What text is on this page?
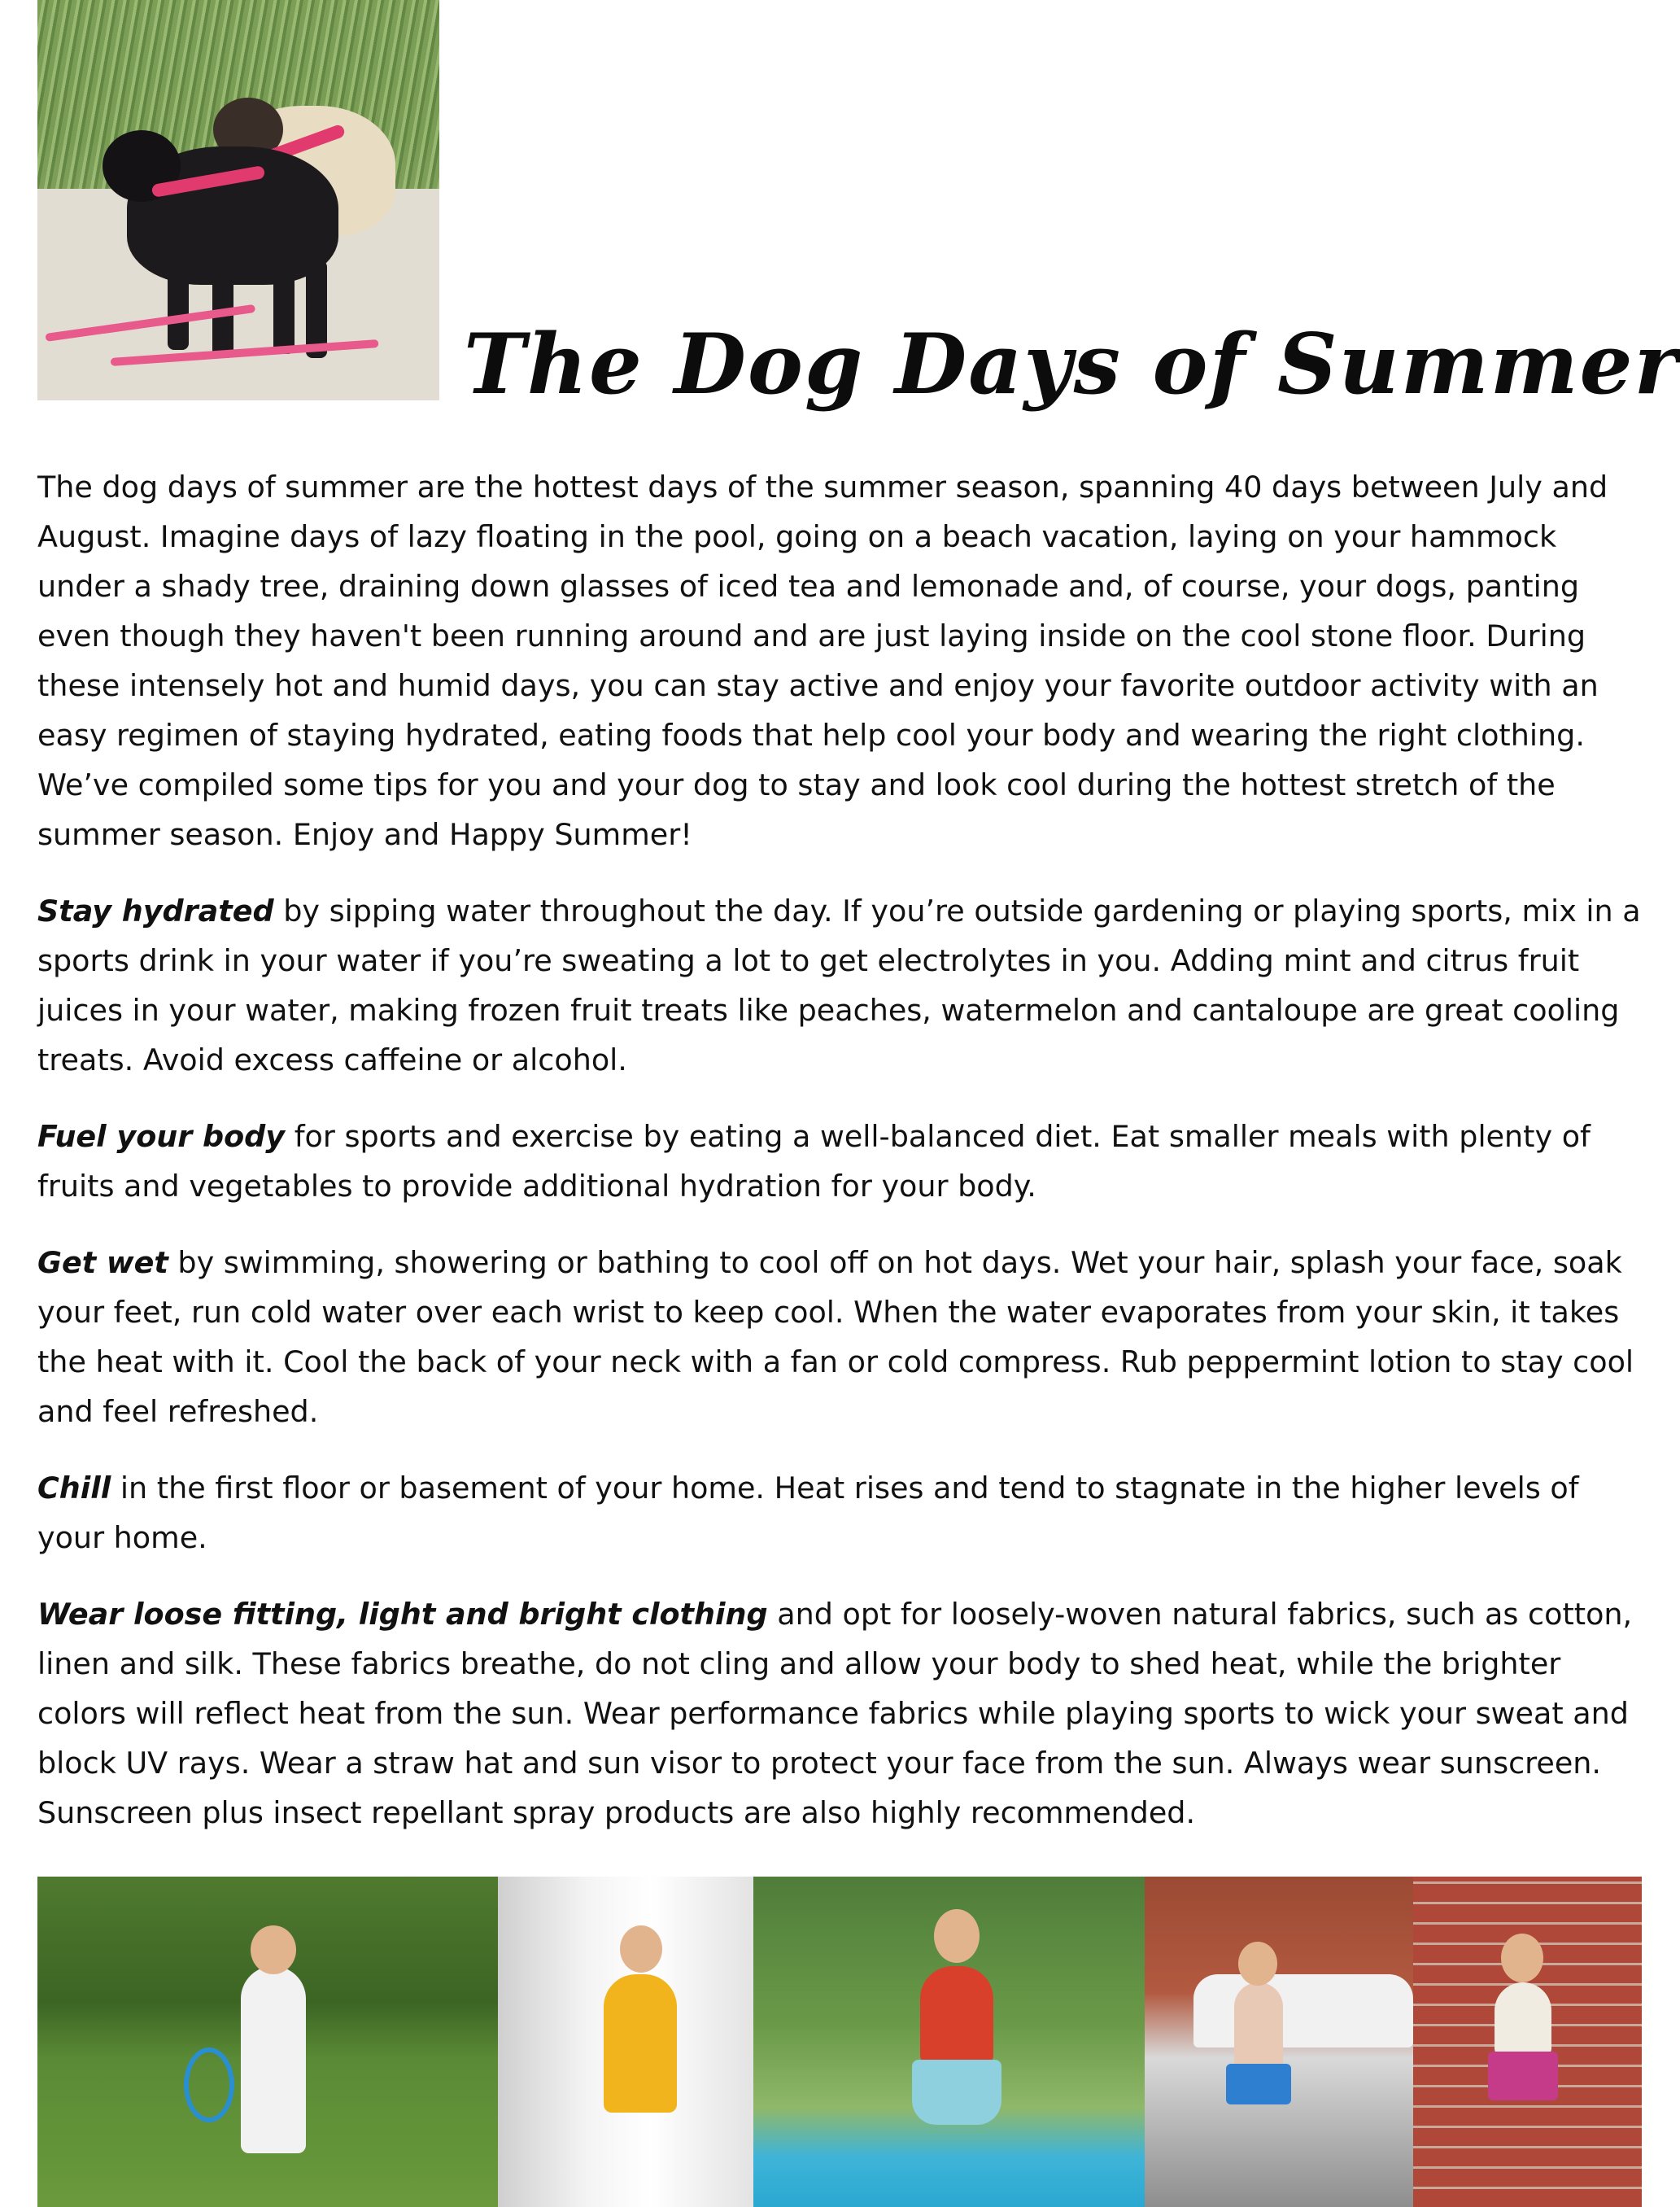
The Dog Days of Summer

The dog days of summer are the hottest days of the summer season, spanning 40 days between July and August. Imagine days of lazy floating in the pool, going on a beach vacation, laying on your hammock under a shady tree, draining down glasses of iced tea and lemonade and, of course, your dogs, panting even though they haven't been running around and are just laying inside on the cool stone floor. During these intensely hot and humid days, you can stay active and enjoy your favorite outdoor activity with an easy regimen of staying hydrated, eating foods that help cool your body and wearing the right clothing. We’ve compiled some tips for you and your dog to stay and look cool during the hottest stretch of the summer season. Enjoy and Happy Summer!

Stay hydrated by sipping water throughout the day. If you’re outside gardening or playing sports, mix in a sports drink in your water if you’re sweating a lot to get electrolytes in you. Adding mint and citrus fruit juices in your water, making frozen fruit treats like peaches, watermelon and cantaloupe are great cooling treats. Avoid excess caffeine or alcohol.

Fuel your body for sports and exercise by eating a well-balanced diet. Eat smaller meals with plenty of fruits and vegetables to provide additional hydration for your body.

Get wet by swimming, showering or bathing to cool off on hot days. Wet your hair, splash your face, soak your feet, run cold water over each wrist to keep cool. When the water evaporates from your skin, it takes the heat with it. Cool the back of your neck with a fan or cold compress. Rub peppermint lotion to stay cool and feel refreshed.

Chill in the first floor or basement of your home. Heat rises and tend to stagnate in the higher levels of your home.

Wear loose fitting, light and bright clothing and opt for loosely-woven natural fabrics, such as cotton, linen and silk. These fabrics breathe, do not cling and allow your body to shed heat, while the brighter colors will reflect heat from the sun. Wear performance fabrics while playing sports to wick your sweat and block UV rays. Wear a straw hat and sun visor to protect your face from the sun. Always wear sunscreen. Sunscreen plus insect repellant spray products are also highly recommended.
